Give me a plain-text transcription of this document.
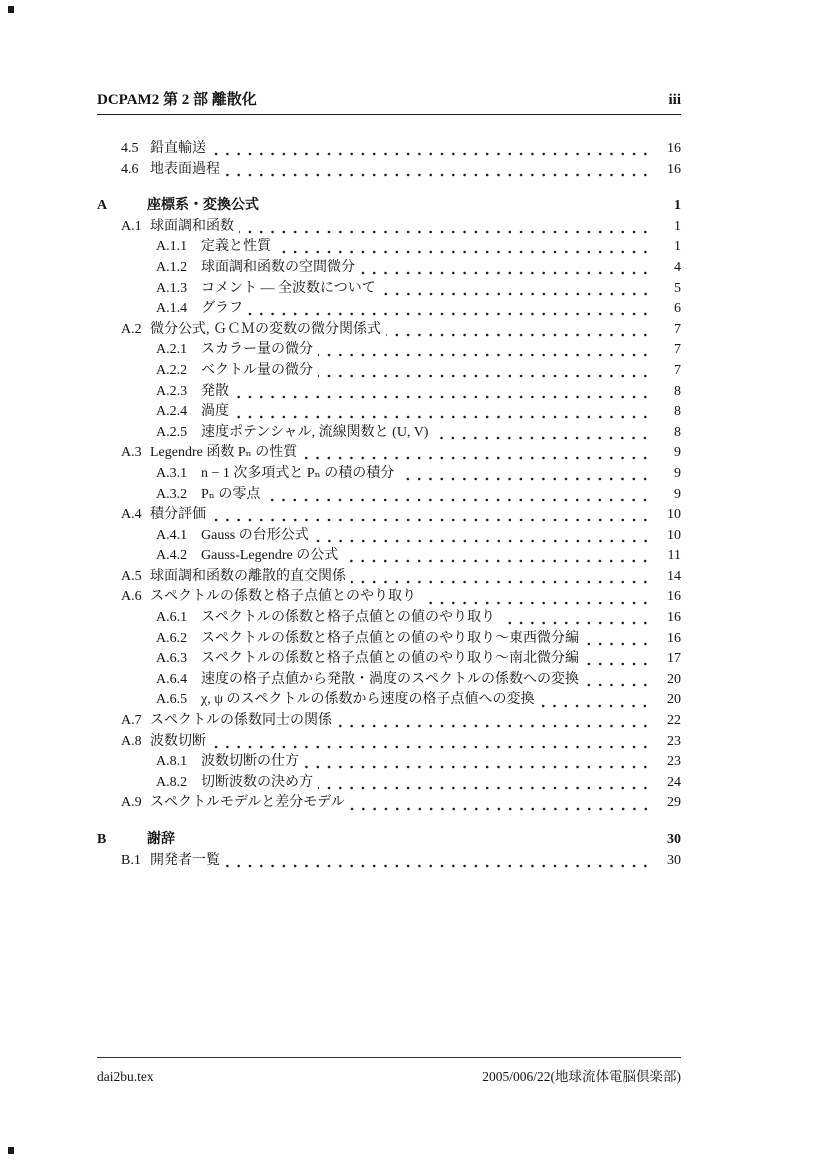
DCPAM2 第 2 部 離散化	iii
4.5 鉛直輸送	16
4.6 地表面過程	16
A	座標系・変換公式	1
A.1 球面調和函数	1
A.1.1 定義と性質	1
A.1.2 球面調和函数の空間微分	4
A.1.3 コメント — 全波数について	5
A.1.4 グラフ	6
A.2 微分公式, ＧＣＭの変数の微分関係式	7
A.2.1 スカラー量の微分	7
A.2.2 ベクトル量の微分	7
A.2.3 発散	8
A.2.4 渦度	8
A.2.5 速度ポテンシャル, 流線関数と (U, V)	8
A.3 Legendre 函数 Pₙ の性質	9
A.3.1 n − 1 次多項式と Pₙ の積の積分	9
A.3.2 Pₙ の零点	9
A.4 積分評価	10
A.4.1 Gauss の台形公式	10
A.4.2 Gauss-Legendre の公式	11
A.5 球面調和函数の離散的直交関係	14
A.6 スペクトルの係数と格子点値とのやり取り	16
A.6.1 スペクトルの係数と格子点値との値のやり取り	16
A.6.2 スペクトルの係数と格子点値との値のやり取り〜東西微分編	16
A.6.3 スペクトルの係数と格子点値との値のやり取り〜南北微分編	17
A.6.4 速度の格子点値から発散・渦度のスペクトルの係数への変換	20
A.6.5 χ, ψ のスペクトルの係数から速度の格子点値への変換	20
A.7 スペクトルの係数同士の関係	22
A.8 波数切断	23
A.8.1 波数切断の仕方	23
A.8.2 切断波数の決め方	24
A.9 スペクトルモデルと差分モデル	29
B	謝辞	30
B.1 開発者一覧	30
dai2bu.tex	2005/006/22(地球流体電脳倶楽部)
